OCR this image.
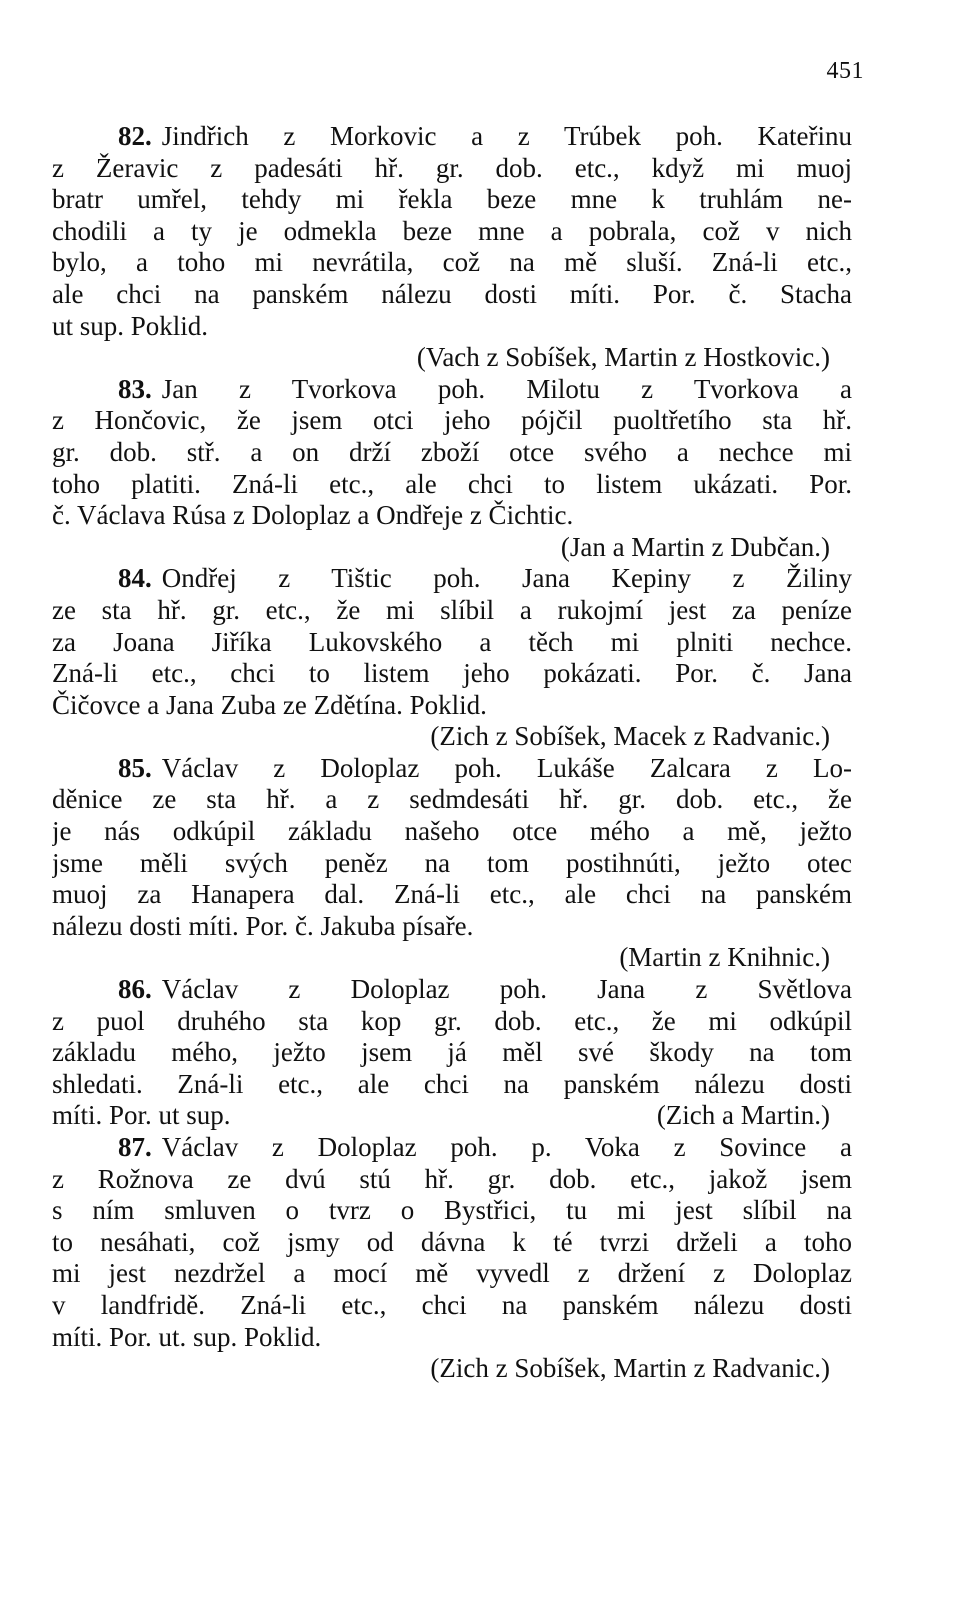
451
82. Jindřich z Morkovic a z Trúbek poh. Kateřinu
z Žeravic z padesáti hř. gr. dob. etc., když mi muoj
bratr umřel, tehdy mi řekla beze mne k truhlám ne-
chodili a ty je odmekla beze mne a pobrala, což v nich
bylo, a toho mi nevrátila, což na mě sluší. Zná-li etc.,
ale chci na panském nálezu dosti míti. Por. č. Stacha
ut sup. Poklid.
(Vach z Sobíšek, Martin z Hostkovic.)
83. Jan z Tvorkova poh. Milotu z Tvorkova a
z Hončovic, že jsem otci jeho pójčil puoltřetího sta hř.
gr. dob. stř. a on drží zboží otce svého a nechce mi
toho platiti. Zná-li etc., ale chci to listem ukázati. Por.
č. Václava Rúsa z Doloplaz a Ondřeje z Čichtic.
(Jan a Martin z Dubčan.)
84. Ondřej z Tištic poh. Jana Kepiny z Žiliny
ze sta hř. gr. etc., že mi slíbil a rukojmí jest za peníze
za Joana Jiříka Lukovského a těch mi plniti nechce.
Zná-li etc., chci to listem jeho pokázati. Por. č. Jana
Čičovce a Jana Zuba ze Zdětína. Poklid.
(Zich z Sobíšek, Macek z Radvanic.)
85. Václav z Doloplaz poh. Lukáše Zalcara z Lo-
děnice ze sta hř. a z sedmdesáti hř. gr. dob. etc., že
je nás odkúpil základu našeho otce mého a mě, ježto
jsme měli svých peněz na tom postihnúti, ježto otec
muoj za Hanapera dal. Zná-li etc., ale chci na panském
nálezu dosti míti. Por. č. Jakuba písaře.
(Martin z Knihnic.)
86. Václav z Doloplaz poh. Jana z Světlova
z puol druhého sta kop gr. dob. etc., že mi odkúpil
základu mého, ježto jsem já měl své škody na tom
shledati. Zná-li etc., ale chci na panském nálezu dosti
míti. Por. ut sup.	(Zich a Martin.)
87. Václav z Doloplaz poh. p. Voka z Sovince a
z Rožnova ze dvú stú hř. gr. dob. etc., jakož jsem
s ním smluven o tvrz o Bystřici, tu mi jest slíbil na
to nesáhati, což jsmy od dávna k té tvrzi drželi a toho
mi jest nezdržel a mocí mě vyvedl z držení z Doloplaz
v landfridě. Zná-li etc., chci na panském nálezu dosti
míti. Por. ut. sup. Poklid.
(Zich z Sobíšek, Martin z Radvanic.)
